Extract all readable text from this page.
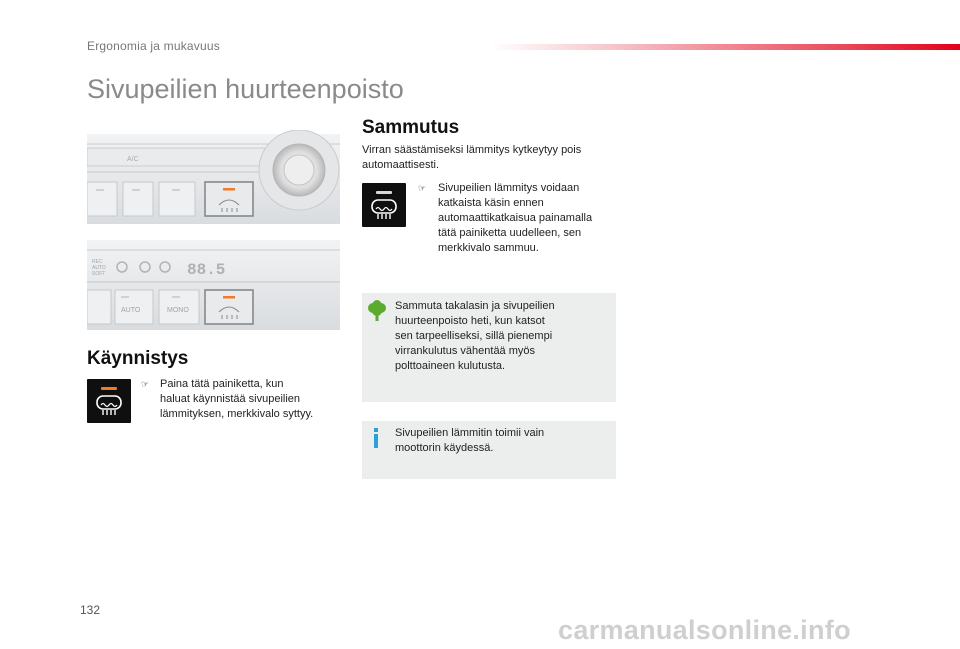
Ergonomia ja mukavuus
Sivupeilien huurteenpoisto
A/C
REC
AUTO
SOFT	88.5
AUTO	MONO
Käynnistys
☞ Paina tätä painiketta, kun
haluat käynnistää sivupeilien
lämmityksen, merkkivalo syttyy.
Sammutus
Virran säästämiseksi lämmitys kytkeytyy pois
automaattisesti.
☞ Sivupeilien lämmitys voidaan
katkaista käsin ennen
automaattikatkaisua painamalla
tätä painiketta uudelleen, sen
merkkivalo sammuu.
Sammuta takalasin ja sivupeilien
huurteenpoisto heti, kun katsot
sen tarpeelliseksi, sillä pienempi
virrankulutus vähentää myös
polttoaineen kulutusta.
Sivupeilien lämmitin toimii vain
moottorin käydessä.
132
carmanualsonline.info
